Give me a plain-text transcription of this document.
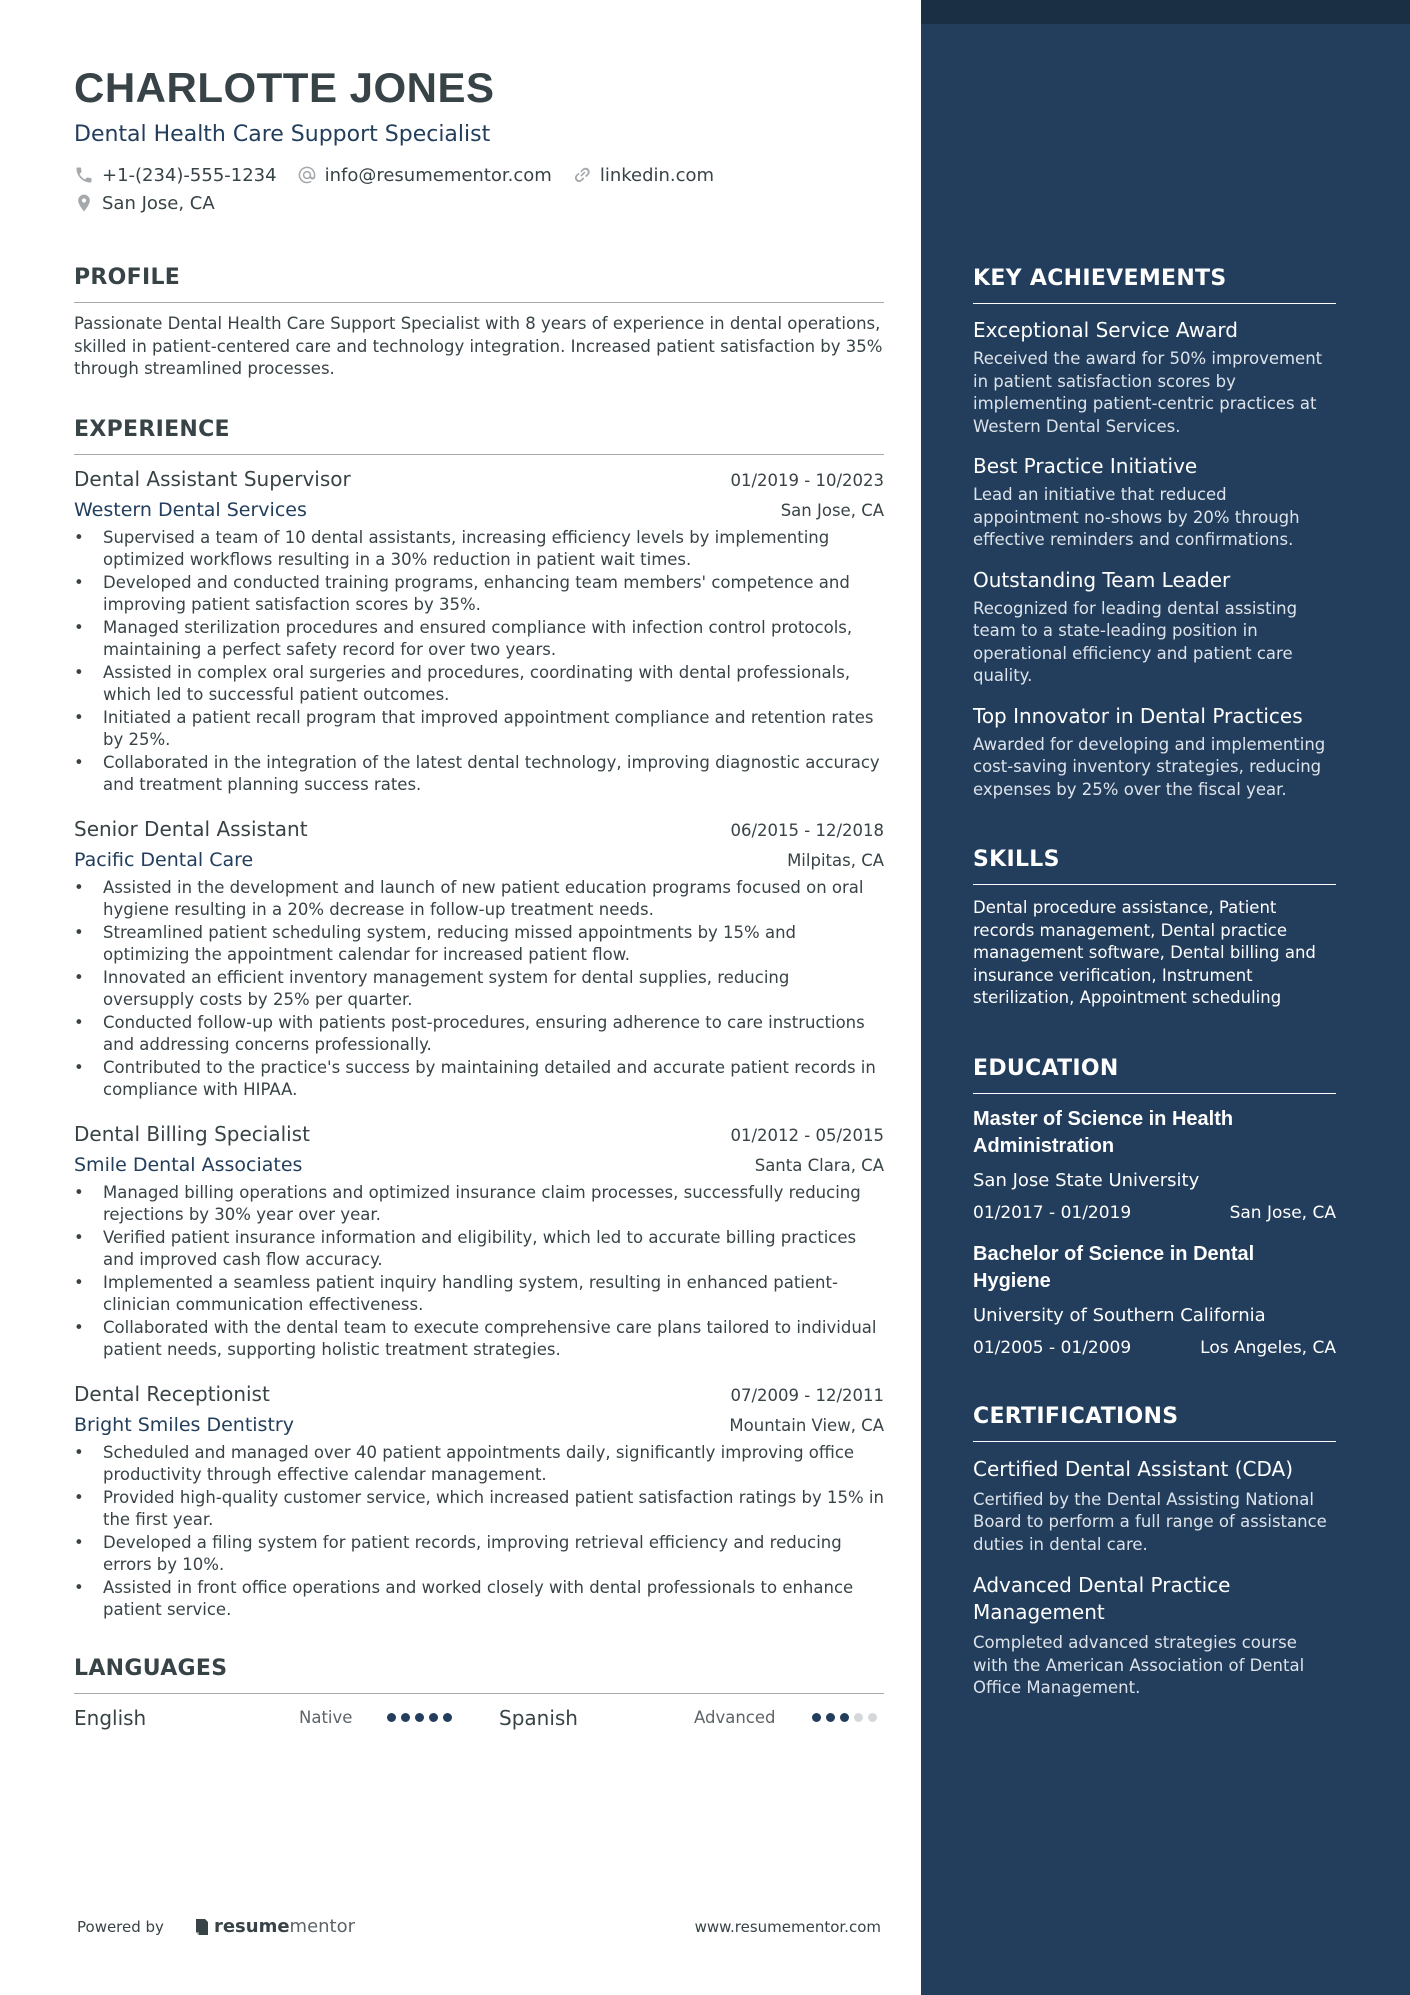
CHARLOTTE JONES
Dental Health Care Support Specialist
+1-(234)-555-1234	info@resumementor.com	linkedin.com
San Jose, CA
PROFILE

Passionate Dental Health Care Support Specialist with 8 years of experience in dental operations, skilled in patient-centered care and technology integration. Increased patient satisfaction by 35% through streamlined processes.

EXPERIENCE
Dental Assistant Supervisor	01/2019 - 10/2023
Western Dental Services	San Jose, CA
• Supervised a team of 10 dental assistants, increasing efficiency levels by implementing optimized workflows resulting in a 30% reduction in patient wait times.
• Developed and conducted training programs, enhancing team members' competence and improving patient satisfaction scores by 35%.
• Managed sterilization procedures and ensured compliance with infection control protocols, maintaining a perfect safety record for over two years.
• Assisted in complex oral surgeries and procedures, coordinating with dental professionals, which led to successful patient outcomes.
• Initiated a patient recall program that improved appointment compliance and retention rates by 25%.
• Collaborated in the integration of the latest dental technology, improving diagnostic accuracy and treatment planning success rates.
Senior Dental Assistant	06/2015 - 12/2018
Pacific Dental Care	Milpitas, CA
• Assisted in the development and launch of new patient education programs focused on oral hygiene resulting in a 20% decrease in follow-up treatment needs.
• Streamlined patient scheduling system, reducing missed appointments by 15% and optimizing the appointment calendar for increased patient flow.
• Innovated an efficient inventory management system for dental supplies, reducing oversupply costs by 25% per quarter.
• Conducted follow-up with patients post-procedures, ensuring adherence to care instructions and addressing concerns professionally.
• Contributed to the practice's success by maintaining detailed and accurate patient records in compliance with HIPAA.
Dental Billing Specialist	01/2012 - 05/2015
Smile Dental Associates	Santa Clara, CA
• Managed billing operations and optimized insurance claim processes, successfully reducing rejections by 30% year over year.
• Verified patient insurance information and eligibility, which led to accurate billing practices and improved cash flow accuracy.
• Implemented a seamless patient inquiry handling system, resulting in enhanced patient-clinician communication effectiveness.
• Collaborated with the dental team to execute comprehensive care plans tailored to individual patient needs, supporting holistic treatment strategies.
Dental Receptionist	07/2009 - 12/2011
Bright Smiles Dentistry	Mountain View, CA
• Scheduled and managed over 40 patient appointments daily, significantly improving office productivity through effective calendar management.
• Provided high-quality customer service, which increased patient satisfaction ratings by 15% in the first year.
• Developed a filing system for patient records, improving retrieval efficiency and reducing errors by 10%.
• Assisted in front office operations and worked closely with dental professionals to enhance patient service.
LANGUAGES
English	Native	Spanish	Advanced
Powered by	resume mentor	www.resumementor.com
KEY ACHIEVEMENTS
Exceptional Service Award
Received the award for 50% improvement in patient satisfaction scores by implementing patient-centric practices at Western Dental Services.
Best Practice Initiative
Lead an initiative that reduced appointment no-shows by 20% through effective reminders and confirmations.
Outstanding Team Leader
Recognized for leading dental assisting team to a state-leading position in operational efficiency and patient care quality.
Top Innovator in Dental Practices
Awarded for developing and implementing cost-saving inventory strategies, reducing expenses by 25% over the fiscal year.
SKILLS

Dental procedure assistance, Patient records management, Dental practice management software, Dental billing and insurance verification, Instrument sterilization, Appointment scheduling

EDUCATION
Master of Science in Health Administration
San Jose State University
01/2017 - 01/2019	San Jose, CA
Bachelor of Science in Dental Hygiene
University of Southern California
01/2005 - 01/2009	Los Angeles, CA
CERTIFICATIONS
Certified Dental Assistant (CDA)
Certified by the Dental Assisting National Board to perform a full range of assistance duties in dental care.
Advanced Dental Practice Management
Completed advanced strategies course with the American Association of Dental Office Management.
